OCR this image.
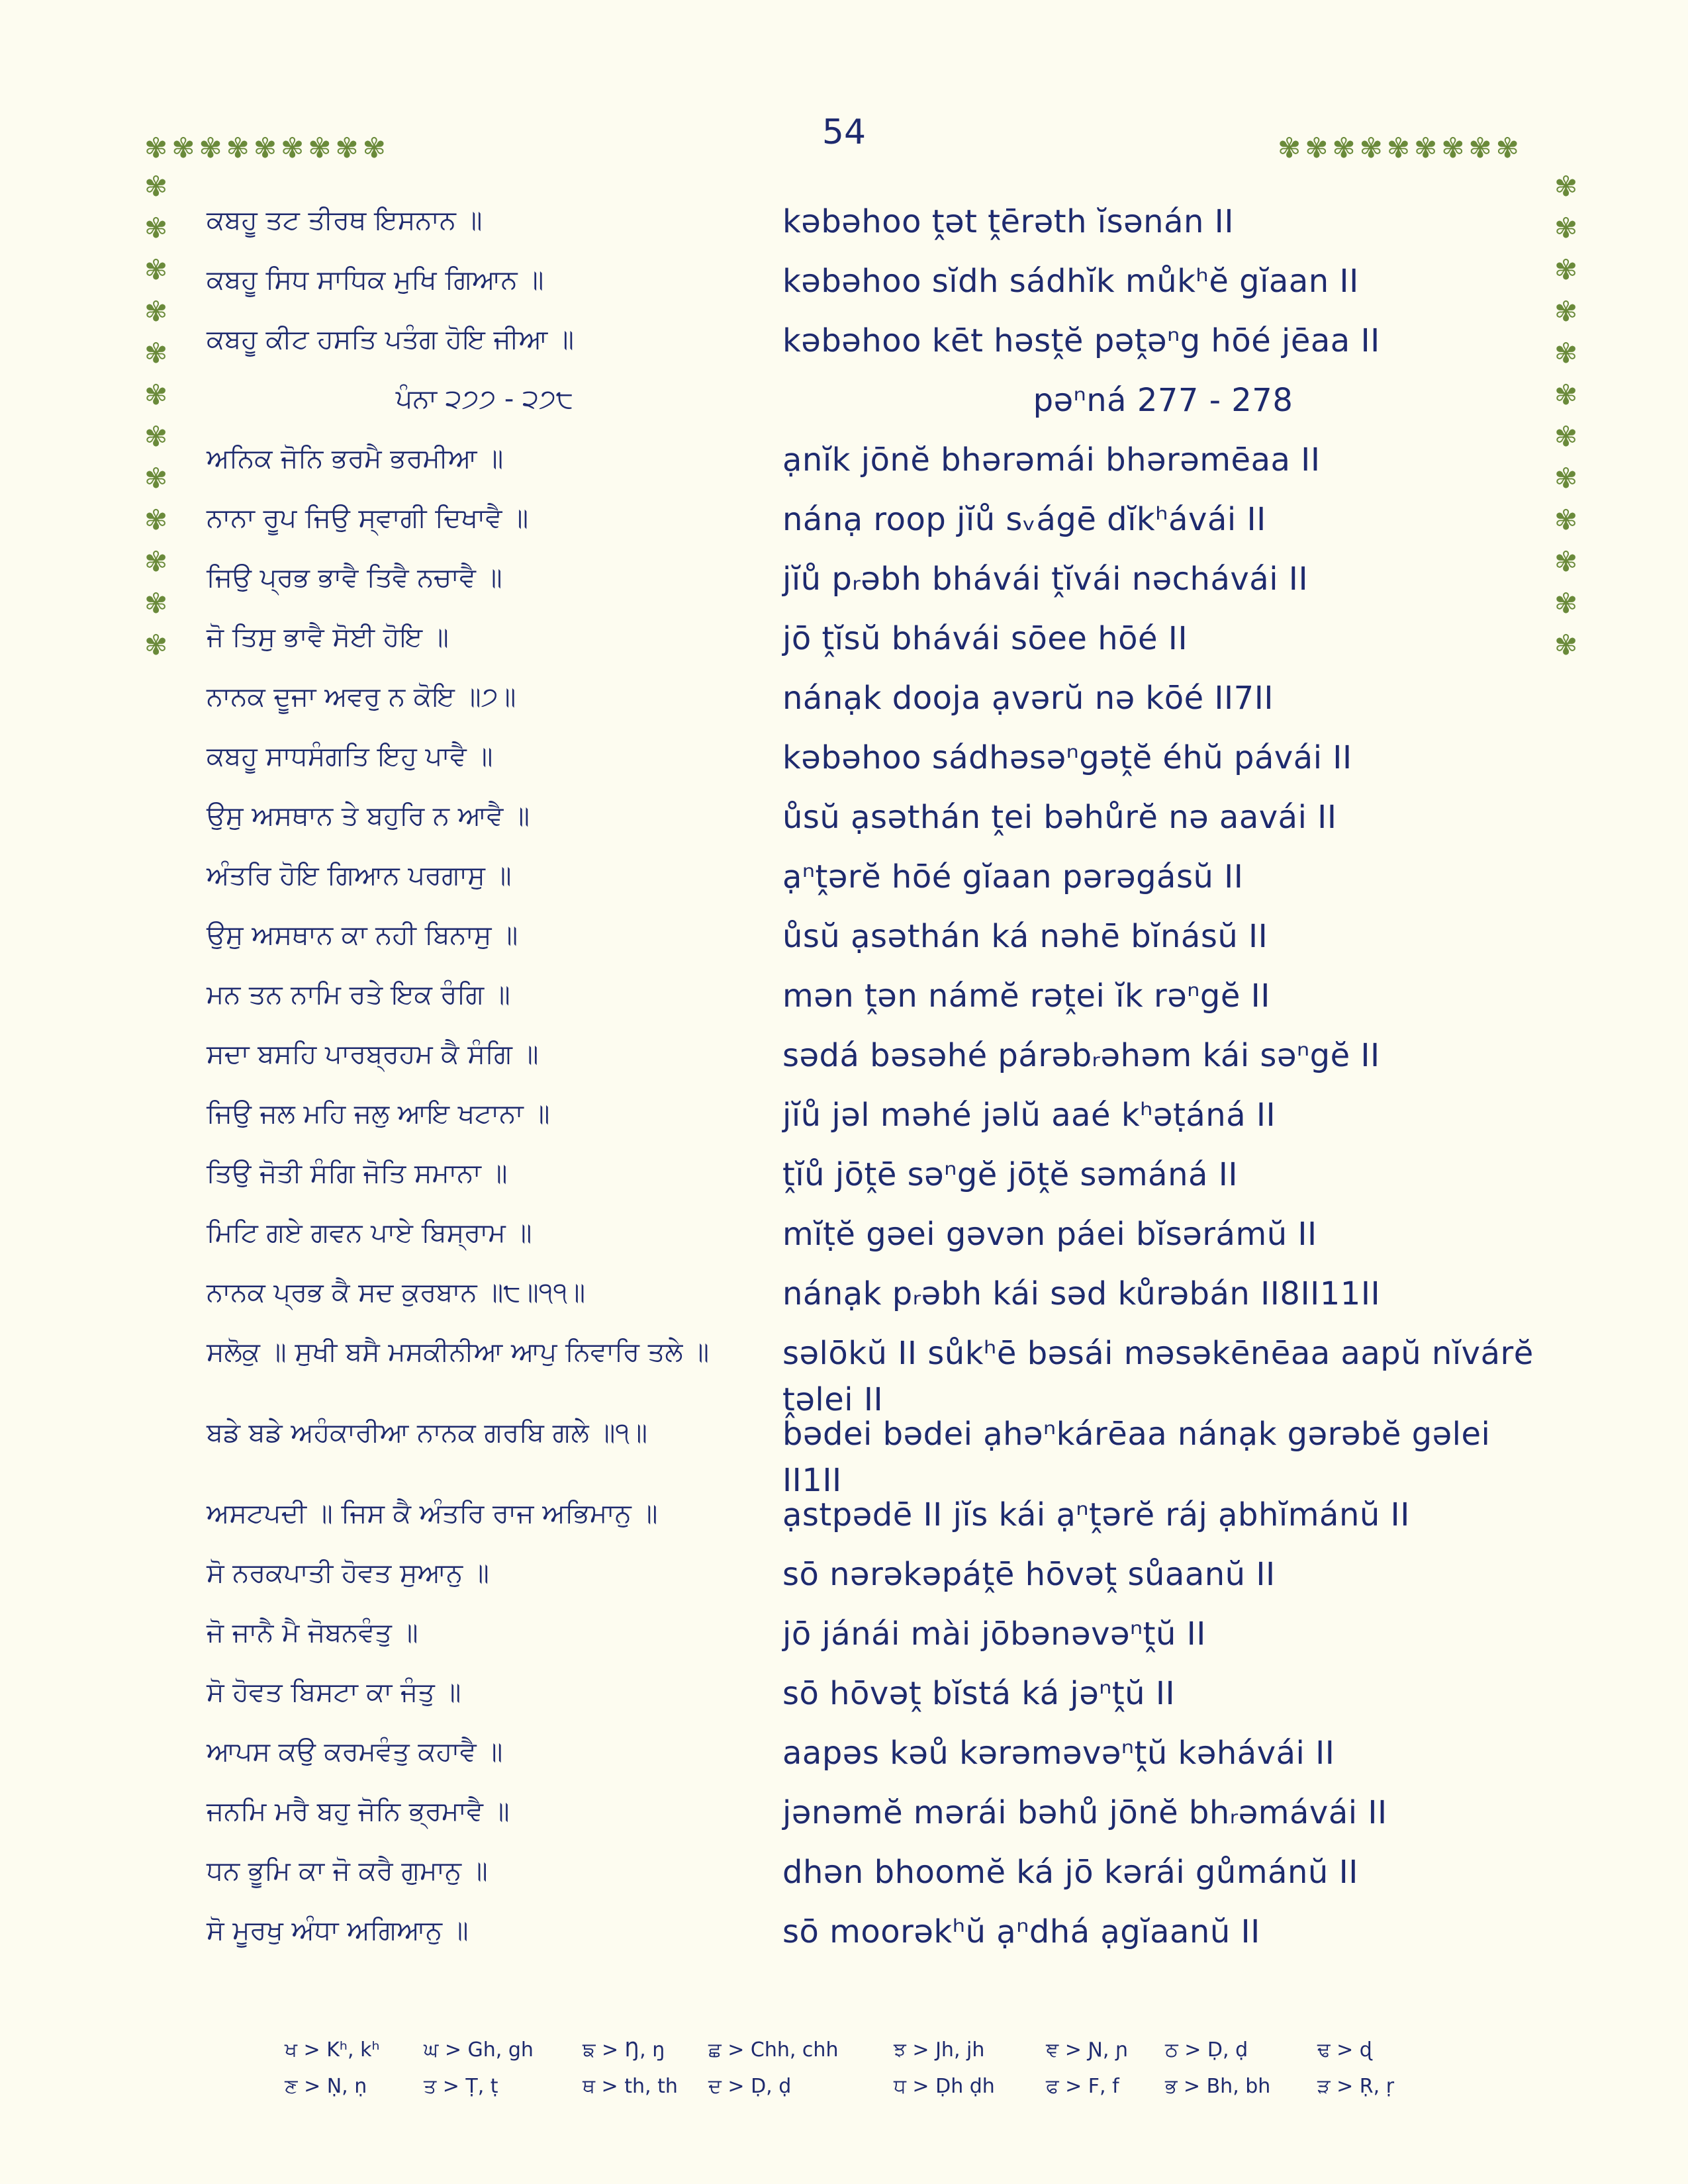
54
✾✾✾✾✾✾✾✾✾	✾✾✾✾✾✾✾✾✾
✾
✾
✾
✾
✾
✾
✾
✾
✾
✾
✾
✾
✾
✾
✾
✾
✾
✾
✾
✾
✾
✾
✾
✾
ਕਬਹੂ ਤਟ ਤੀਰਥ ਇਸਨਾਨ ॥	kəbəhoo ṱət ṱērəth ĭsənán II
ਕਬਹੂ ਸਿਧ ਸਾਧਿਕ ਮੁਖਿ ਗਿਆਨ ॥	kəbəhoo sĭdh sádhĭk můkʰĕ gĭaan II
ਕਬਹੂ ਕੀਟ ਹਸਤਿ ਪਤੰਗ ਹੋਇ ਜੀਆ ॥	kəbəhoo kēt həsṱĕ pəṱəⁿg hōé jēaa II
ਪੰਨਾ ੨੭੭ - ੨੭੮	pəⁿná 277 - 278
ਅਨਿਕ ਜੋਨਿ ਭਰਮੈ ਭਰਮੀਆ ॥	ạnĭk jōnĕ bhərəmái bhərəmēaa II
ਨਾਨਾ ਰੂਪ ਜਿਉ ਸ੍ਵਾਗੀ ਦਿਖਾਵੈ ॥	nánạ roop jĭů sᵥágē dĭkʰávái II
ਜਿਉ ਪ੍ਰਭ ਭਾਵੈ ਤਿਵੈ ਨਚਾਵੈ ॥	jĭů pᵣəbh bhávái ṱĭvái nəchávái II
ਜੋ ਤਿਸੁ ਭਾਵੈ ਸੋਈ ਹੋਇ ॥	jō ṱĭsŭ bhávái sōee hōé II
ਨਾਨਕ ਦੂਜਾ ਅਵਰੁ ਨ ਕੋਇ ॥੭॥	nánạk dooja ạvərŭ nə kōé II7II
ਕਬਹੂ ਸਾਧਸੰਗਤਿ ਇਹੁ ਪਾਵੈ ॥	kəbəhoo sádhəsəⁿgəṱĕ éhŭ pávái II
ਉਸੁ ਅਸਥਾਨ ਤੇ ਬਹੁਰਿ ਨ ਆਵੈ ॥	ůsŭ ạsəthán ṱei bəhůrĕ nə aavái II
ਅੰਤਰਿ ਹੋਇ ਗਿਆਨ ਪਰਗਾਸੁ ॥	ạⁿṱərĕ hōé gĭaan pərəgásŭ II
ਉਸੁ ਅਸਥਾਨ ਕਾ ਨਹੀ ਬਿਨਾਸੁ ॥	ůsŭ ạsəthán ká nəhē bĭnásŭ II
ਮਨ ਤਨ ਨਾਮਿ ਰਤੇ ਇਕ ਰੰਗਿ ॥	mən ṱən námĕ rəṱei ĭk rəⁿgĕ II
ਸਦਾ ਬਸਹਿ ਪਾਰਬ੍ਰਹਮ ਕੈ ਸੰਗਿ ॥	sədá bəsəhé párəbᵣəhəm kái səⁿgĕ II
ਜਿਉ ਜਲ ਮਹਿ ਜਲੁ ਆਇ ਖਟਾਨਾ ॥	jĭů jəl məhé jəlŭ aaé kʰəṭáná II
ਤਿਉ ਜੋਤੀ ਸੰਗਿ ਜੋਤਿ ਸਮਾਨਾ ॥	ṱĭů jōṱē səⁿgĕ jōṱĕ səmáná II
ਮਿਟਿ ਗਏ ਗਵਨ ਪਾਏ ਬਿਸ੍ਰਾਮ ॥	mĭṭĕ gəei gəvən páei bĭsərámŭ II
ਨਾਨਕ ਪ੍ਰਭ ਕੈ ਸਦ ਕੁਰਬਾਨ ॥੮॥੧੧॥	nánạk pᵣəbh kái səd kůrəbán II8II11II
ਸਲੋਕੁ ॥ ਸੁਖੀ ਬਸੈ ਮਸਕੀਨੀਆ ਆਪੁ ਨਿਵਾਰਿ ਤਲੇ ॥	səlōkŭ II sůkʰē bəsái məsəkēnēaa aapŭ nĭvárĕ ṱəlei II
ਬਡੇ ਬਡੇ ਅਹੰਕਾਰੀਆ ਨਾਨਕ ਗਰਬਿ ਗਲੇ ॥੧॥	bədei bədei ạhəⁿkárēaa nánạk gərəbĕ gəlei II1II
ਅਸਟਪਦੀ ॥ ਜਿਸ ਕੈ ਅੰਤਰਿ ਰਾਜ ਅਭਿਮਾਨੁ ॥	ạstpədē II jĭs kái ạⁿṱərĕ ráj ạbhĭmánŭ II
ਸੋ ਨਰਕਪਾਤੀ ਹੋਵਤ ਸੁਆਨੁ ॥	sō nərəkəpáṱē hōvəṱ sůaanŭ II
ਜੋ ਜਾਨੈ ਮੈ ਜੋਬਨਵੰਤੁ ॥	jō jánái mài jōbənəvəⁿṱŭ II
ਸੋ ਹੋਵਤ ਬਿਸਟਾ ਕਾ ਜੰਤੁ ॥	sō hōvəṱ bĭstá ká jəⁿṱŭ II
ਆਪਸ ਕਉ ਕਰਮਵੰਤੁ ਕਹਾਵੈ ॥	aapəs kəů kərəməvəⁿṱŭ kəhávái II
ਜਨਮਿ ਮਰੈ ਬਹੁ ਜੋਨਿ ਭ੍ਰਮਾਵੈ ॥	jənəmĕ mərái bəhů jōnĕ bhᵣəmávái II
ਧਨ ਭੂਮਿ ਕਾ ਜੋ ਕਰੈ ਗੁਮਾਨੁ ॥	dhən bhoomĕ ká jō kərái gůmánŭ II
ਸੋ ਮੂਰਖੁ ਅੰਧਾ ਅਗਿਆਨੁ ॥	sō moorəkʰŭ ạⁿdhá ạgĭaanŭ II
ਖ > Kʰ, kʰ ਘ > Gh, gh ਙ > Ŋ, ŋ ਛ > Chh, chh	ਝ > Jh, jh	ਞ > Ɲ, ɲ ਠ > Ḍ, ḍ	ਢ > ɖ
ਣ > Ṇ, ṇ	ਤ > Ṭ, ṭ	ਥ > th, th ਦ > Ḍ, ḍ	ਧ > Ḍh ḍh	ਫ > F, f ਭ > Bh, bh ੜ > Ṛ, ṛ
